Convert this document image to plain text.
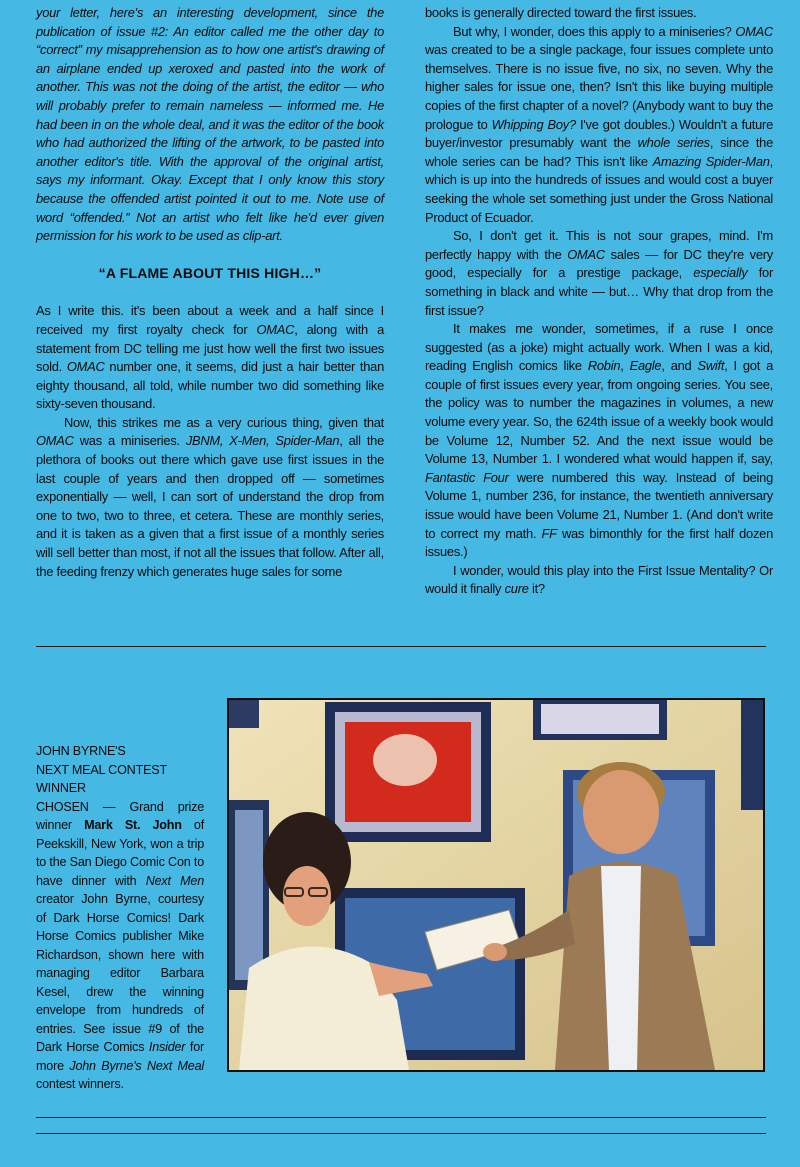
your letter, here's an interesting development, since the publication of issue #2: An editor called me the other day to “correct” my misapprehension as to how one artist's drawing of an airplane ended up xeroxed and pasted into the work of another. This was not the doing of the artist, the editor — who will probably prefer to remain nameless — informed me. He had been in on the whole deal, and it was the editor of the book who had authorized the lifting of the artwork, to be pasted into another editor's title. With the approval of the original artist, says my informant. Okay. Except that I only know this story because the offended artist pointed it out to me. Note use of word “offended.” Not an artist who felt like he'd ever given permission for his work to be used as clip-art.

“A FLAME ABOUT THIS HIGH…”

As I write this. it's been about a week and a half since I received my first royalty check for OMAC, along with a statement from DC telling me just how well the first two issues sold. OMAC number one, it seems, did just a hair better than eighty thousand, all told, while number two did something like sixty-seven thousand.

Now, this strikes me as a very curious thing, given that OMAC was a miniseries. JBNM, X-Men, Spider-Man, all the plethora of books out there which gave use first issues in the last couple of years and then dropped off — sometimes exponentially — well, I can sort of understand the drop from one to two, two to three, et cetera. These are monthly series, and it is taken as a given that a first issue of a monthly series will sell better than most, if not all the issues that follow. After all, the feeding frenzy which generates huge sales for some

books is generally directed toward the first issues.

But why, I wonder, does this apply to a miniseries? OMAC was created to be a single package, four issues complete unto themselves. There is no issue five, no six, no seven. Why the higher sales for issue one, then? Isn't this like buying multiple copies of the first chapter of a novel? (Anybody want to buy the prologue to Whipping Boy? I've got doubles.) Wouldn't a future buyer/investor presumably want the whole series, since the whole series can be had? This isn't like Amazing Spider-Man, which is up into the hundreds of issues and would cost a buyer seeking the whole set something just under the Gross National Product of Ecuador.

So, I don't get it. This is not sour grapes, mind. I'm perfectly happy with the OMAC sales — for DC they're very good, especially for a prestige package, especially for something in black and white — but… Why that drop from the first issue?

It makes me wonder, sometimes, if a ruse I once suggested (as a joke) might actually work. When I was a kid, reading English comics like Robin, Eagle, and Swift, I got a couple of first issues every year, from ongoing series. You see, the policy was to number the magazines in volumes, a new volume every year. So, the 624th issue of a weekly book would be Volume 12, Number 52. And the next issue would be Volume 13, Number 1. I wondered what would happen if, say, Fantastic Four were numbered this way. Instead of being Volume 1, number 236, for instance, the twentieth anniversary issue would have been Volume 21, Number 1. (And don't write to correct my math. FF was bimonthly for the first half dozen issues.)

I wonder, would this play into the First Issue Mentality? Or would it finally cure it?

JOHN BYRNE'S
NEXT MEAL CONTEST WINNER
CHOSEN — Grand prize winner Mark St. John of Peekskill, New York, won a trip to the San Diego Comic Con to have dinner with Next Men creator John Byrne, courtesy of Dark Horse Comics! Dark Horse Comics publisher Mike Richardson, shown here with managing editor Barbara Kesel, drew the winning envelope from hundreds of entries. See issue #9 of the Dark Horse Comics Insider for more John Byrne's Next Meal contest winners.
